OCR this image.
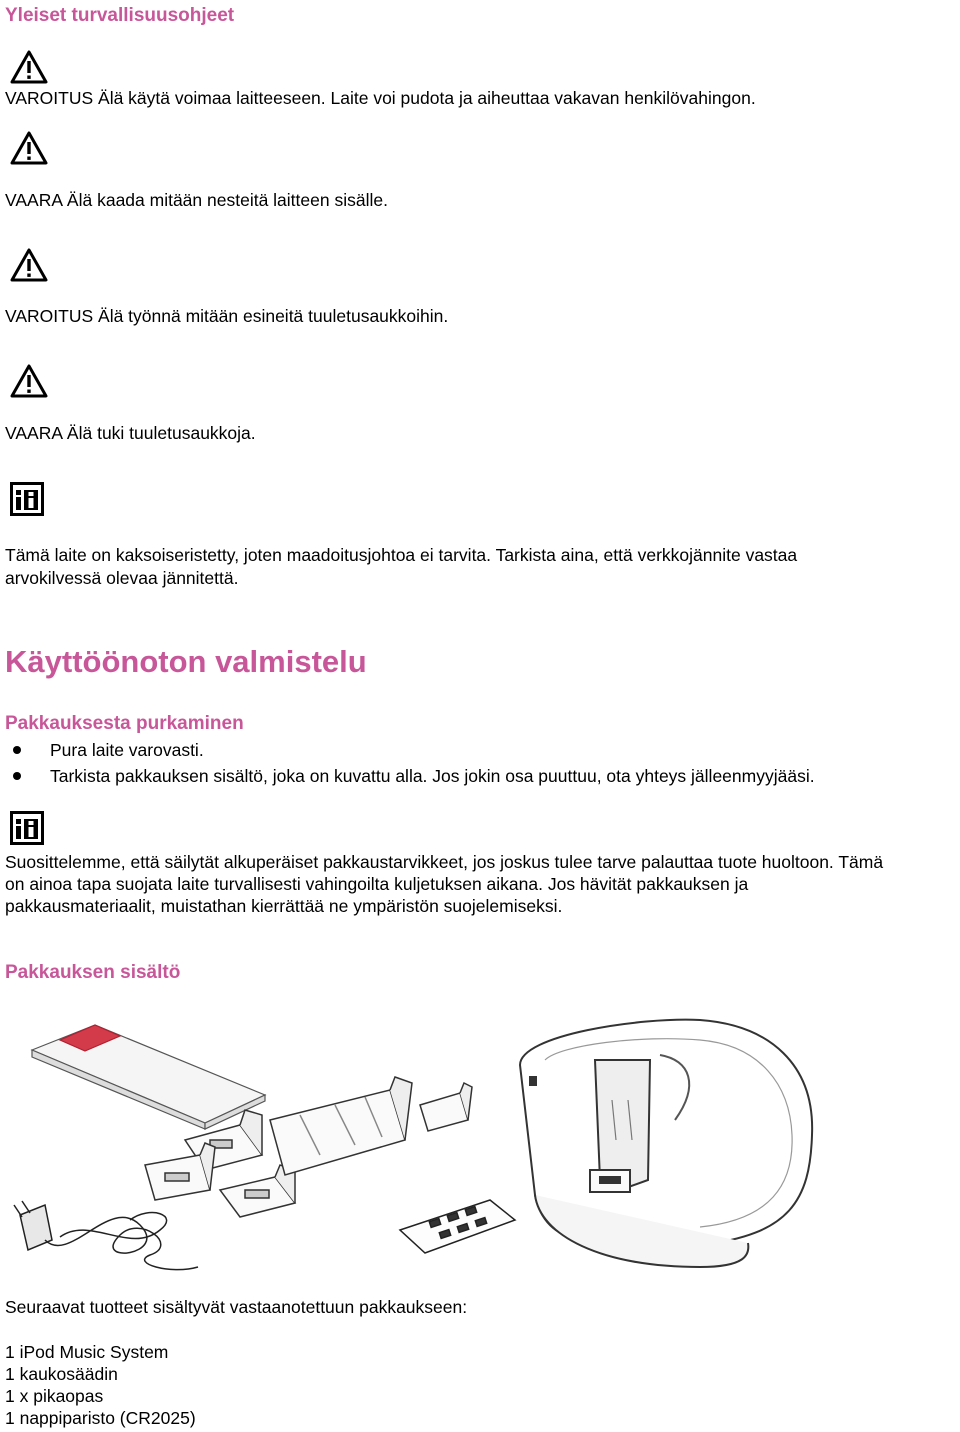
Yleiset turvallisuusohjeet
VAROITUS Älä käytä voimaa laitteeseen. Laite voi pudota ja aiheuttaa vakavan henkilövahingon.
VAARA Älä kaada mitään nesteitä laitteen sisälle.
VAROITUS Älä työnnä mitään esineitä tuuletusaukkoihin.
VAARA Älä tuki tuuletusaukkoja.
Tämä laite on kaksoiseristetty, joten maadoitusjohtoa ei tarvita. Tarkista aina, että verkkojännite vastaa
arvokilvessä olevaa jännitettä.
Käyttöönoton valmistelu
Pakkauksesta purkaminen
Pura laite varovasti.
Tarkista pakkauksen sisältö, joka on kuvattu alla. Jos jokin osa puuttuu, ota yhteys jälleenmyyjääsi.
Suosittelemme, että säilytät alkuperäiset pakkaustarvikkeet, jos joskus tulee tarve palauttaa tuote huoltoon. Tämä
on ainoa tapa suojata laite turvallisesti vahingoilta kuljetuksen aikana. Jos hävität pakkauksen ja
pakkausmateriaalit, muistathan kierrättää ne ympäristön suojelemiseksi.
Pakkauksen sisältö
Seuraavat tuotteet sisältyvät vastaanotettuun pakkaukseen:
1 iPod Music System
1 kaukosäädin
1 x pikaopas
1 nappiparisto (CR2025)
